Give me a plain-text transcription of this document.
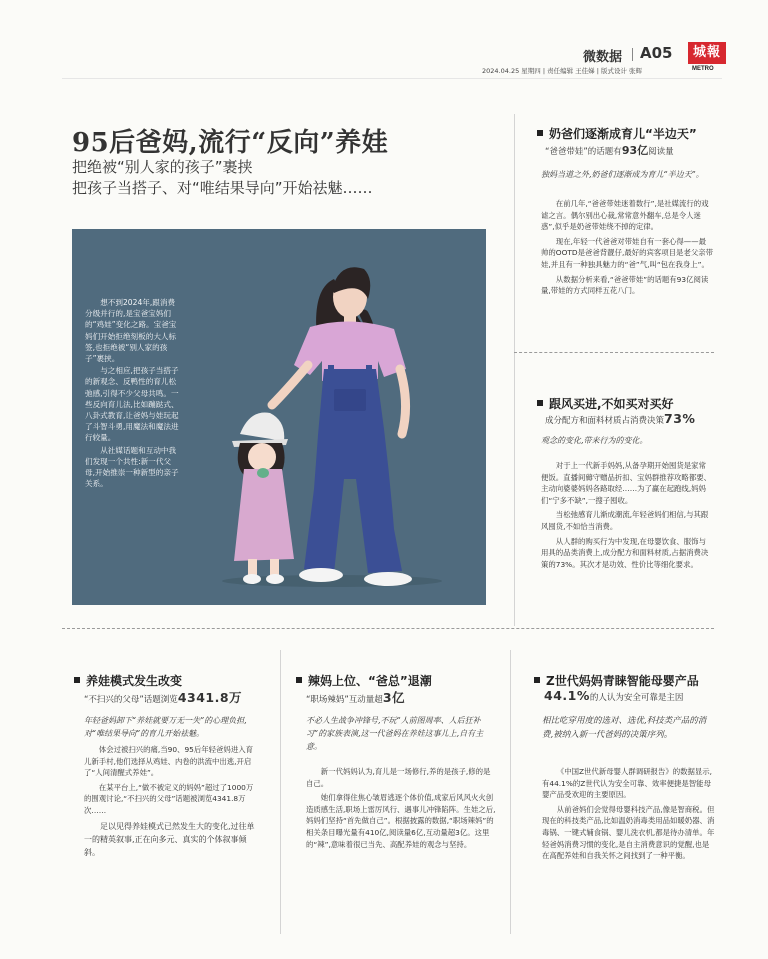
微数据 A05	城報
METRO
2024.04.25 星期四 | 责任编辑 王佳娣 | 版式设计 张辉
95后爸妈,流行“反向”养娃
把绝被“别人家的孩子”裹挟
把孩子当搭子、对“唯结果导向”开始祛魅……

想不到2024年,跟消费分级并行的,是宝爸宝妈们的“鸡娃”变化之路。宝爸宝妈们开始拒绝刻板的大人标签,也拒绝被“别人家的孩子”裹挟。

与之相应,把孩子当搭子的新观念、反鸭性的育儿松弛感,引得不少父母共鸣。一些反向育儿法,比如蹦跶式、八卦式教育,让爸妈与娃玩起了斗智斗勇,用魔法和魔法进行较量。

从社媒话题和互动中我们发现一个共性:新一代父母,开始推崇一种新型的亲子关系。

奶爸们逐渐成育儿“半边天”
“爸爸带娃”的话题有93亿阅读量
独妈当道之外,奶爸们逐渐成为育儿“半边天”。

在前几年,“爸爸带娃迷着数行”,是社媒流行的戏谑之言。偶尔别出心裁,常常意外翻车,总是令人迷惑”,似乎是奶爸带娃绕不掉的定律。

现在,年轻一代爸爸对带娃自有一套心得——最帅的OOTD是爸爸背靓仔,最好的宾客项目是老父亲带娃,并且有一种独具魅力的“爸”气,叫“包在我身上”。

从数据分析来看,“爸爸带娃”的话题有93亿阅读量,带娃的方式同样五花八门。

跟风买进,不如买对买好
成分配方和面料材质占消费决策73%
观念的变化,带来行为的变化。

对于上一代新手妈妈,从备孕期开始囤货是家常便饭。直播间薅守赠品折扣、宝妈群推荐攻略都要、主动向婆婆妈妈各路取经……为了赢在起跑线,妈妈们“宁多不缺”,一搜子囤收。

当松弛感育儿渐成潮流,年轻爸妈们相信,与其跟风囤货,不如恰当消费。

从人群的购买行为中发现,在母婴饮食、服饰与用具的品类消费上,成分配方和面料材质,占据消费决策的73%。其次才是功效、性价比等细化要求。

养娃模式发生改变
“不扫兴的父母”话题浏览4341.8万
年轻爸妈卸下“养娃就要万无一失”的心理负担,对“唯结果导向”的育儿开始祛魅。

体会过被扫兴的痛,当90、95后年轻爸妈进入育儿新手村,他们选择从鸡娃、内卷的洪流中出逃,开启了“人间清醒式养娃”。

在某平台上,“做不被定义的妈妈”超过了1000万的围观讨论,“不扫兴的父母”话题被浏览4341.8万次……

足以见得养娃模式已然发生大的变化,过往单一的精英叙事,正在向多元、真实的个体叙事倾斜。

辣妈上位、“爸总”退潮
“职场辣妈”互动量超3亿
不必人生战争冲锋号,不玩“人前图周率、人后狂补习”的家族表演,这一代爸妈在养娃这事儿上,自有主意。

新一代妈妈认为,育儿是一场修行,养的是孩子,修的是自己。

她们拿得住焦心皱眉逃逐个体价值,成家后风风火火创造质感生活,职场上雷厉风行、遇事儿冲锋陷阵。生娃之后,妈妈们坚持“首先做自己”。根据披露的数据,“职场辣妈”的相关条目曝光量有410亿,阅读量6亿,互动量超3亿。这里的“辣”,意味着很已当先、高配养娃的观念与坚持。

Z世代妈妈青睐智能母婴产品
44.1%的人认为安全可靠是主因
相比吃穿用度的选对、选优,科技类产品的消费,被纳入新一代爸妈的决策序列。

《中国Z世代新母婴人群调研报告》的数据显示,有44.1%的Z世代认为安全可靠、效率便捷是智能母婴产品受欢迎的主要原因。

从前爸妈们会觉得母婴科技产品,像是智商税。但现在的科技类产品,比如温奶消毒类用品如暖奶器、消毒锅、一键式辅食锅、婴儿洗衣机,都是待办清单。年轻爸妈消费习惯的变化,是自主消费意识的觉醒,也是在高配养娃和自我关怀之间找到了一种平衡。
